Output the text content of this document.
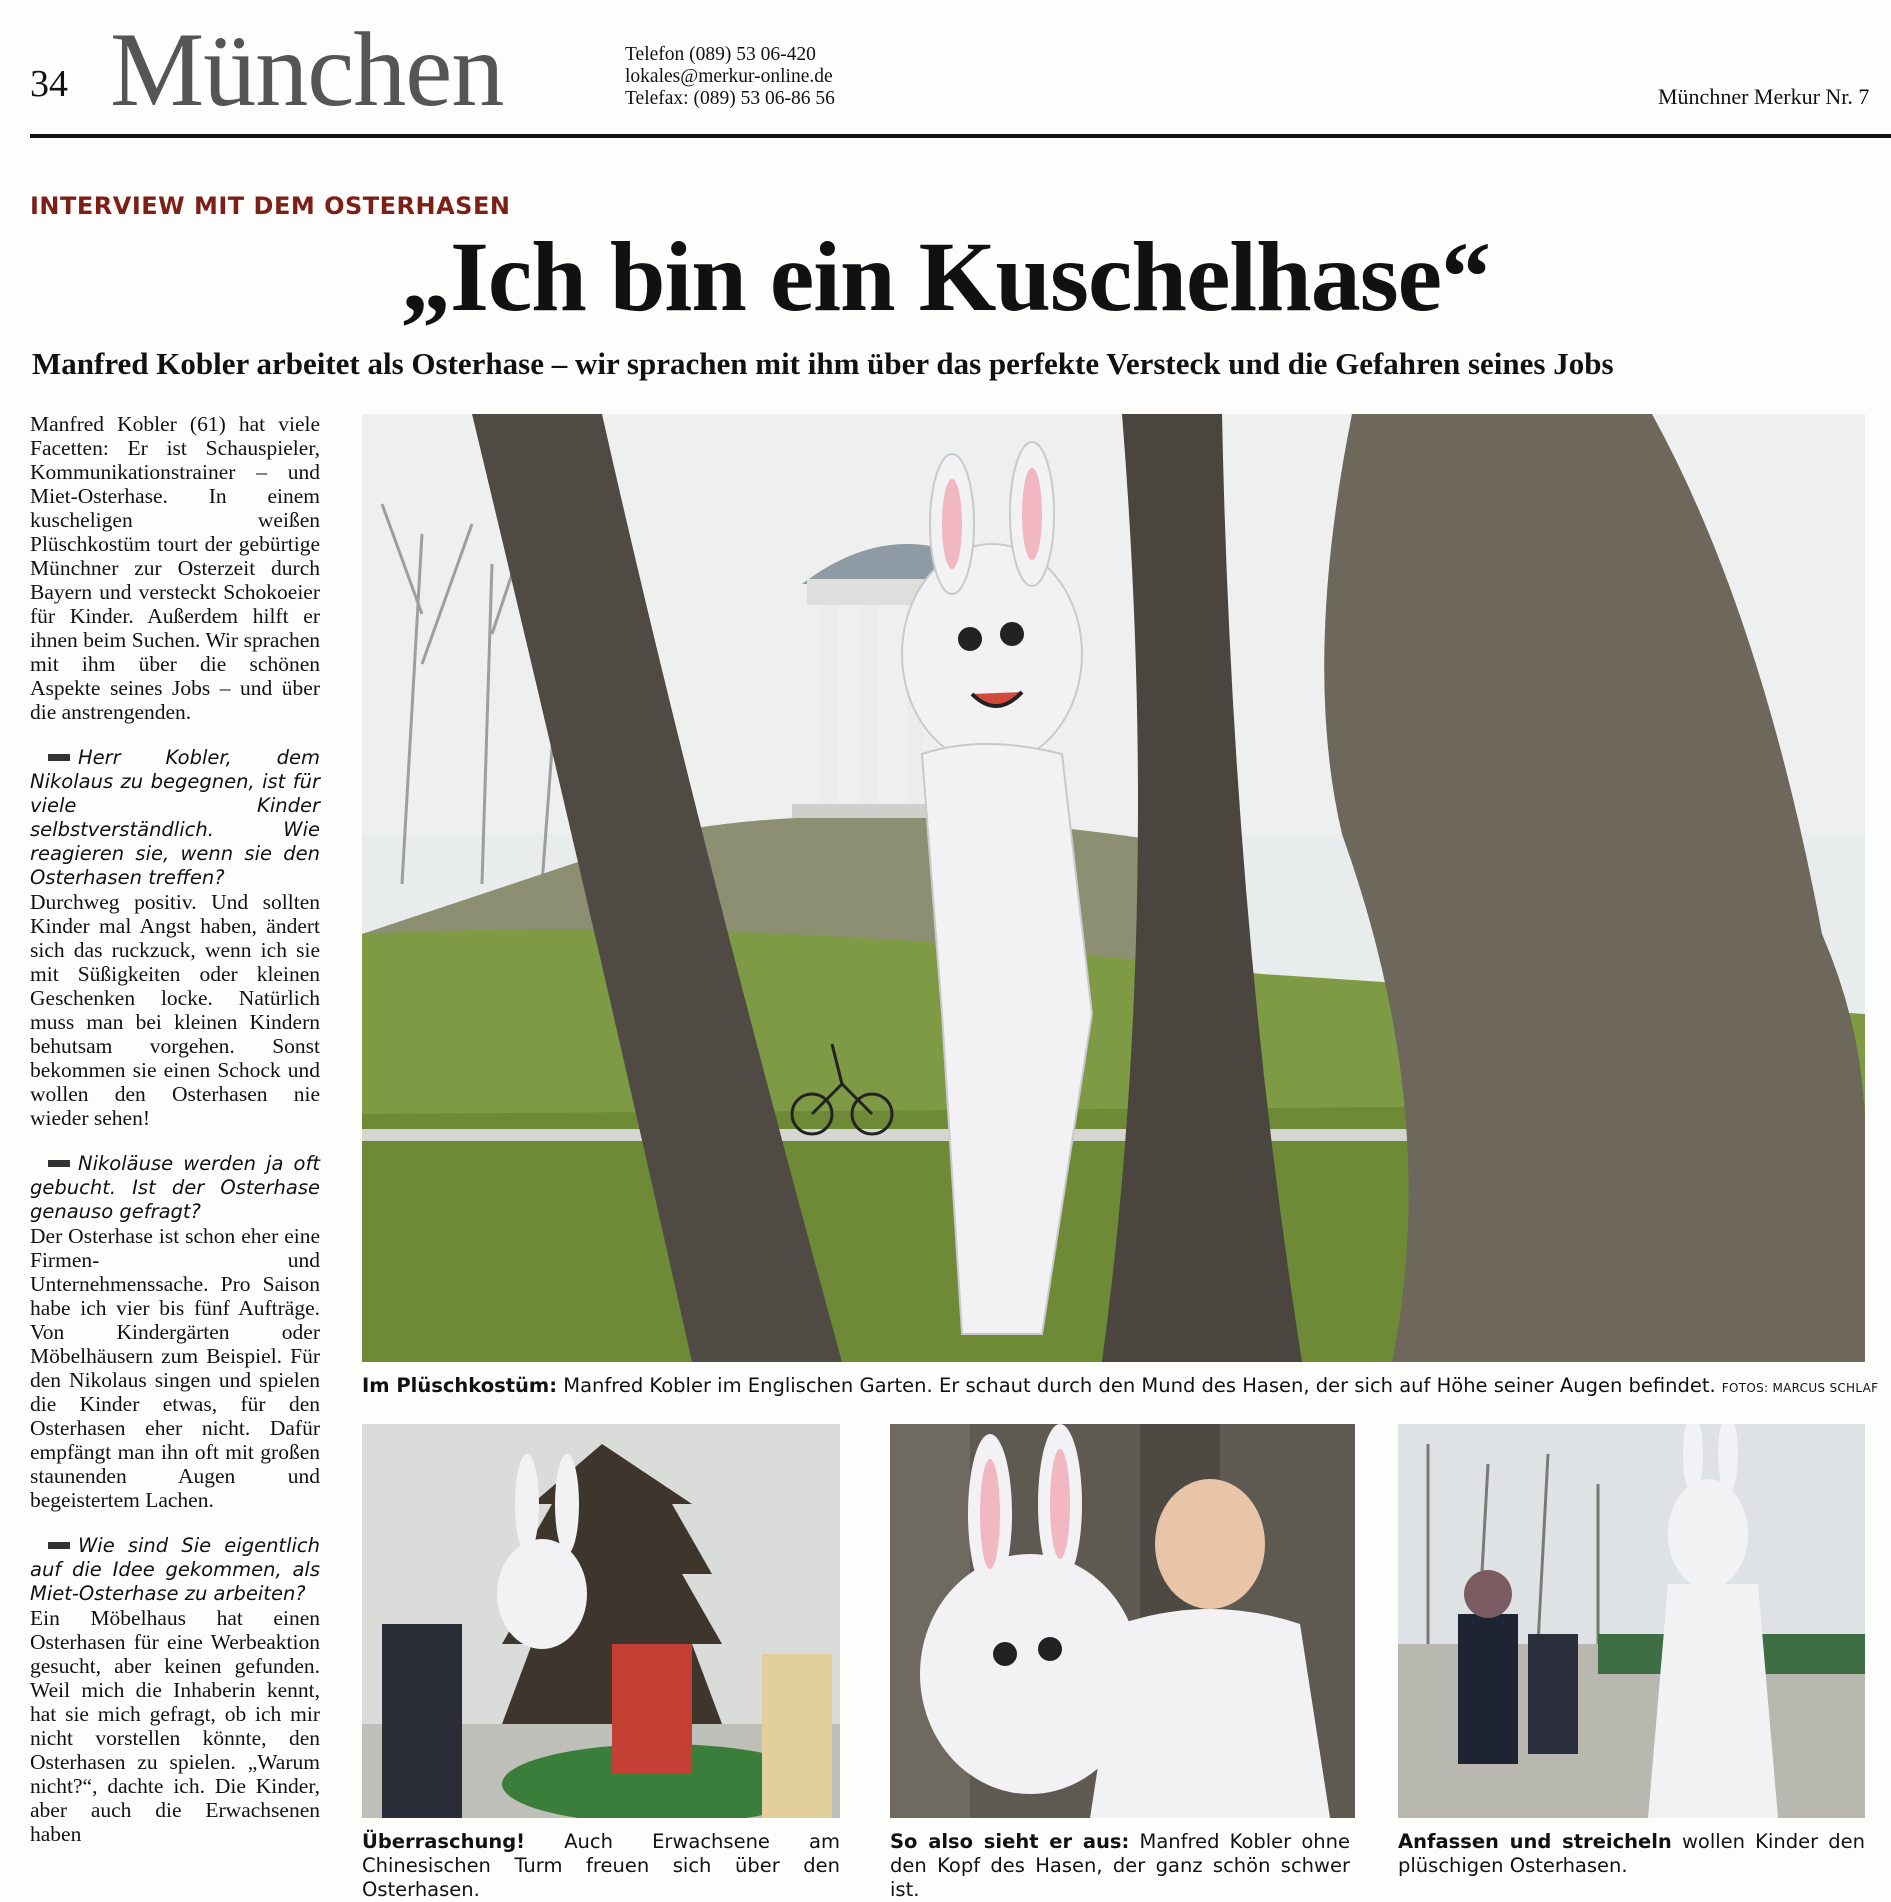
34 München	Telefon (089) 53 06-420
lokales@merkur-online.de
Telefax: (089) 53 06-86 56	Münchner Merkur Nr. 7
INTERVIEW MIT DEM OSTERHASEN
„Ich bin ein Kuschelhase“
Manfred Kobler arbeitet als Osterhase – wir sprachen mit ihm über das perfekte Versteck und die Gefahren seines Jobs

Manfred Kobler (61) hat viele Facetten: Er ist Schauspieler, Kommunikationstrainer – und Miet-Osterhase. In einem kuscheligen weißen Plüschkostüm tourt der gebürtige Münchner zur Osterzeit durch Bayern und versteckt Schokoeier für Kinder. Außerdem hilft er ihnen beim Suchen. Wir sprachen mit ihm über die schönen Aspekte seines Jobs – und über die anstrengenden.

Herr Kobler, dem Nikolaus zu begegnen, ist für viele Kinder selbstverständlich. Wie reagieren sie, wenn sie den Osterhasen treffen?

Durchweg positiv. Und sollten Kinder mal Angst haben, ändert sich das ruckzuck, wenn ich sie mit Süßigkeiten oder kleinen Geschenken locke. Natürlich muss man bei kleinen Kindern behutsam vorgehen. Sonst bekommen sie einen Schock und wollen den Osterhasen nie wieder sehen!

Nikoläuse werden ja oft gebucht. Ist der Osterhase genauso gefragt?

Der Osterhase ist schon eher eine Firmen- und Unternehmenssache. Pro Saison habe ich vier bis fünf Aufträge. Von Kindergärten oder Möbelhäusern zum Beispiel. Für den Nikolaus singen und spielen die Kinder etwas, für den Osterhasen eher nicht. Dafür empfängt man ihn oft mit großen staunenden Augen und begeistertem Lachen.

Wie sind Sie eigentlich auf die Idee gekommen, als Miet-Osterhase zu arbeiten?

Ein Möbelhaus hat einen Osterhasen für eine Werbeaktion gesucht, aber keinen gefunden. Weil mich die Inhaberin kennt, hat sie mich gefragt, ob ich mir nicht vorstellen könnte, den Osterhasen zu spielen. „Warum nicht?“, dachte ich. Die Kinder, aber auch die Erwachsenen haben

Im Plüschkostüm: Manfred Kobler im Englischen Garten. Er schaut durch den Mund des Hasen, der sich auf Höhe seiner Augen befindet. FOTOS: MARCUS SCHLAF
Überraschung! Auch Erwachsene am Chinesischen Turm freuen sich über den Osterhasen.
So also sieht er aus: Manfred Kobler ohne den Kopf des Hasen, der ganz schön schwer ist.
Anfassen und streicheln wollen Kinder den plüschigen Osterhasen.
